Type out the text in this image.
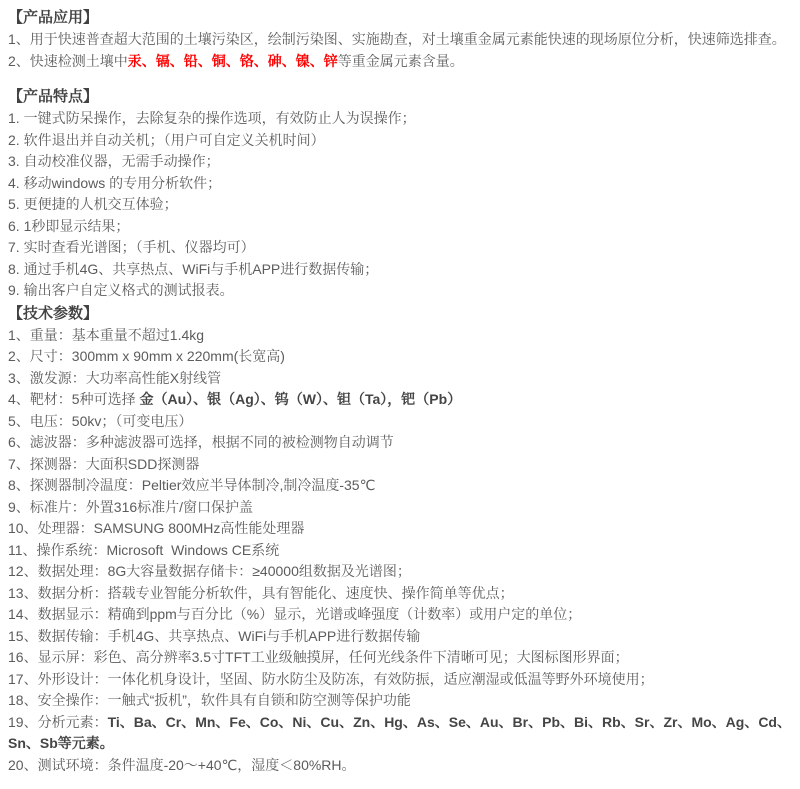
【产品应用】

1、用于快速普查超大范围的土壤污染区，绘制污染图、实施勘查，对土壤重金属元素能快速的现场原位分析，快速筛选排查。

2、快速检测土壤中汞、镉、铅、铜、铬、砷、镍、锌等重金属元素含量。

【产品特点】

1. 一键式防呆操作，去除复杂的操作选项，有效防止人为误操作；

2. 软件退出并自动关机；（用户可自定义关机时间）

3. 自动校准仪器，无需手动操作；

4. 移动windows 的专用分析软件；

5. 更便捷的人机交互体验；

6. 1秒即显示结果；

7. 实时查看光谱图；（手机、仪器均可）

8. 通过手机4G、共享热点、WiFi与手机APP进行数据传输；

9. 输出客户自定义格式的测试报表。

【技术参数】

1、重量：基本重量不超过1.4kg

2、尺寸：300mm x 90mm x 220mm(长宽高)

3、激发源：大功率高性能X射线管

4、靶材：5种可选择 金（Au）、银（Ag）、钨（W）、钽（Ta），钯（Pb）

5、电压：50kv；（可变电压）

6、滤波器：多种滤波器可选择，根据不同的被检测物自动调节

7、探测器：大面积SDD探测器

8、探测器制冷温度：Peltier效应半导体制冷,制冷温度-35℃

9、标准片：外置316标准片/窗口保护盖

10、处理器：SAMSUNG 800MHz高性能处理器

11、操作系统：Microsoft  Windows CE系统

12、数据处理：8G大容量数据存储卡：≥40000组数据及光谱图；

13、数据分析：搭载专业智能分析软件，具有智能化、速度快、操作简单等优点；

14、数据显示：精确到ppm与百分比（%）显示，光谱或峰强度（计数率）或用户定的单位；

15、数据传输：手机4G、共享热点、WiFi与手机APP进行数据传输

16、显示屏：彩色、高分辨率3.5寸TFT工业级触摸屏，任何光线条件下清晰可见；大图标图形界面；

17、外形设计：一体化机身设计，坚固、防水防尘及防冻，有效防振，适应潮湿或低温等野外环境使用；

18、安全操作：一触式“扳机”，软件具有自锁和防空测等保护功能

19、分析元素：Ti、Ba、Cr、Mn、Fe、Co、Ni、Cu、Zn、Hg、As、Se、Au、Br、Pb、Bi、Rb、Sr、Zr、Mo、Ag、Cd、Sn、Sb等元素。

20、测试环境：条件温度-20～+40℃，湿度＜80%RH。
